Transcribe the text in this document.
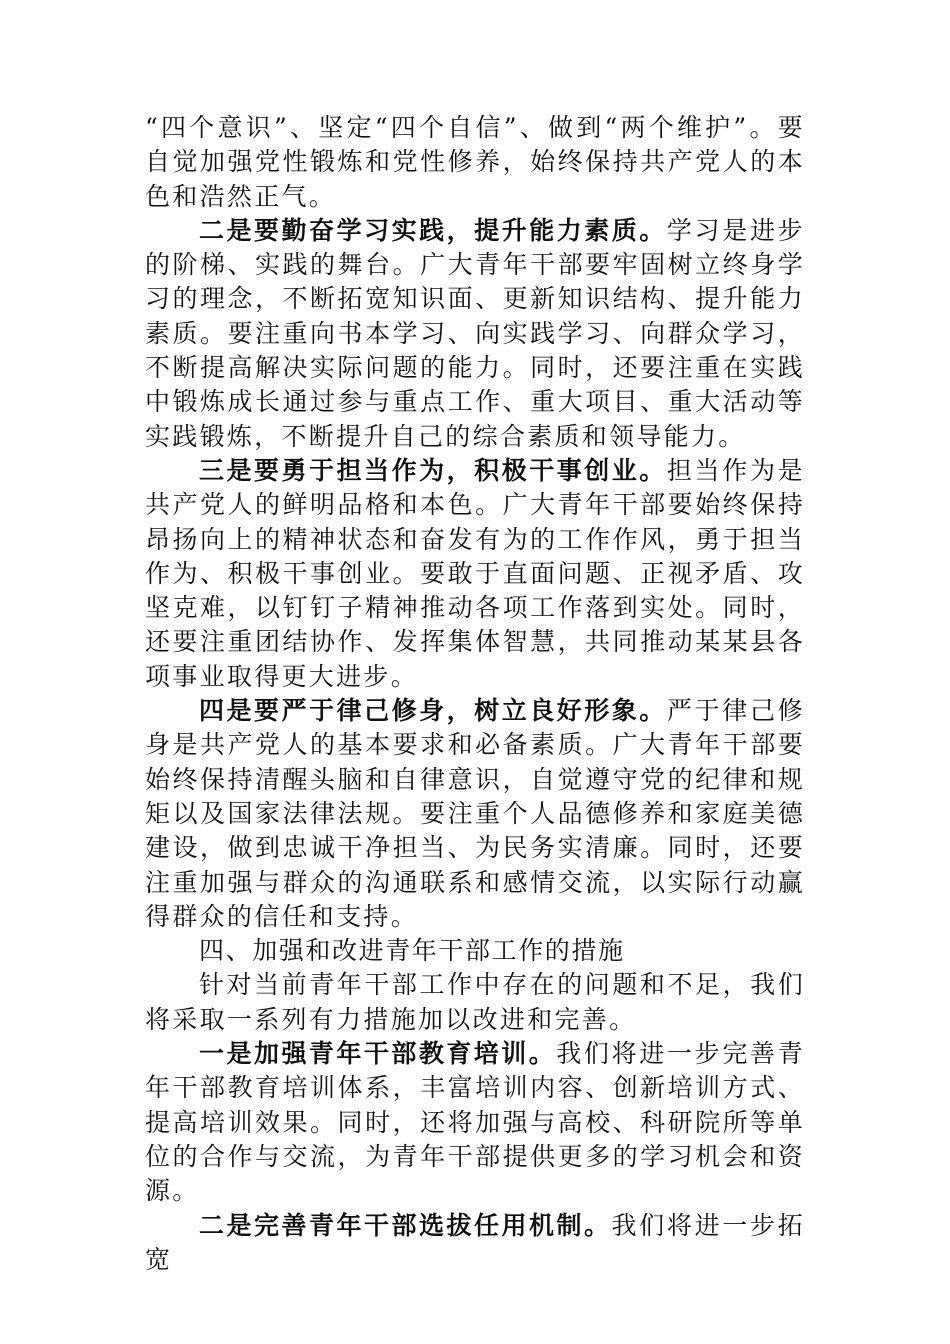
“四个意识”、坚定“四个自信”、做到“两个维护”。要自觉加强党性锻炼和党性修养，始终保持共产党人的本色和浩然正气。

二是要勤奋学习实践，提升能力素质。学习是进步的阶梯、实践的舞台。广大青年干部要牢固树立终身学习的理念，不断拓宽知识面、更新知识结构、提升能力素质。要注重向书本学习、向实践学习、向群众学习，不断提高解决实际问题的能力。同时，还要注重在实践中锻炼成长通过参与重点工作、重大项目、重大活动等实践锻炼，不断提升自己的综合素质和领导能力。

三是要勇于担当作为，积极干事创业。担当作为是共产党人的鲜明品格和本色。广大青年干部要始终保持昂扬向上的精神状态和奋发有为的工作作风，勇于担当作为、积极干事创业。要敢于直面问题、正视矛盾、攻坚克难，以钉钉子精神推动各项工作落到实处。同时，还要注重团结协作、发挥集体智慧，共同推动某某县各项事业取得更大进步。

四是要严于律己修身，树立良好形象。严于律己修身是共产党人的基本要求和必备素质。广大青年干部要始终保持清醒头脑和自律意识，自觉遵守党的纪律和规矩以及国家法律法规。要注重个人品德修养和家庭美德建设，做到忠诚干净担当、为民务实清廉。同时，还要注重加强与群众的沟通联系和感情交流，以实际行动赢得群众的信任和支持。

四、加强和改进青年干部工作的措施

针对当前青年干部工作中存在的问题和不足，我们将采取一系列有力措施加以改进和完善。

一是加强青年干部教育培训。我们将进一步完善青年干部教育培训体系，丰富培训内容、创新培训方式、提高培训效果。同时，还将加强与高校、科研院所等单位的合作与交流，为青年干部提供更多的学习机会和资源。

二是完善青年干部选拔任用机制。我们将进一步拓宽
